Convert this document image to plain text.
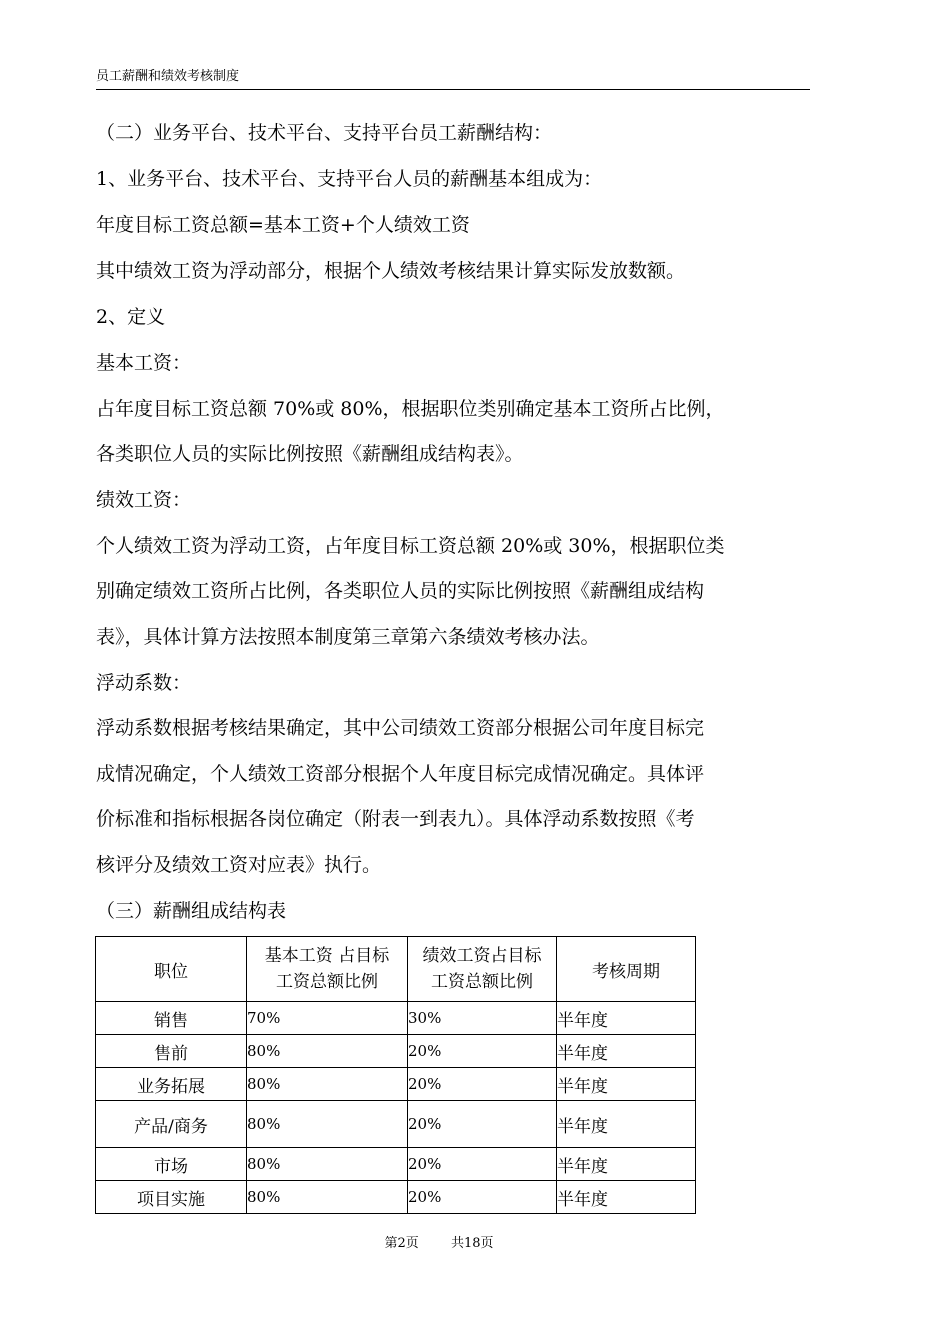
员工薪酬和绩效考核制度
（二）业务平台、技术平台、支持平台员工薪酬结构：
1、业务平台、技术平台、支持平台人员的薪酬基本组成为：
年度目标工资总额=基本工资+个人绩效工资
其中绩效工资为浮动部分，根据个人绩效考核结果计算实际发放数额。
2、定义
基本工资：
占年度目标工资总额 70%或 80%，根据职位类别确定基本工资所占比例，
各类职位人员的实际比例按照《薪酬组成结构表》。
绩效工资：
个人绩效工资为浮动工资，占年度目标工资总额 20%或 30%，根据职位类
别确定绩效工资所占比例，各类职位人员的实际比例按照《薪酬组成结构
表》，具体计算方法按照本制度第三章第六条绩效考核办法。
浮动系数：
浮动系数根据考核结果确定，其中公司绩效工资部分根据公司年度目标完
成情况确定，个人绩效工资部分根据个人年度目标完成情况确定。具体评
价标准和指标根据各岗位确定（附表一到表九）。具体浮动系数按照《考
核评分及绩效工资对应表》执行。
（三）薪酬组成结构表
职位	基本工资 占目标
工资总额比例	绩效工资占目标
工资总额比例	考核周期
销售	70%	30%	半年度
售前	80%	20%	半年度
业务拓展	80%	20%	半年度
产品/商务	80%	20%	半年度
市场	80%	20%	半年度
项目实施	80%	20%	半年度
第2页 共18页
